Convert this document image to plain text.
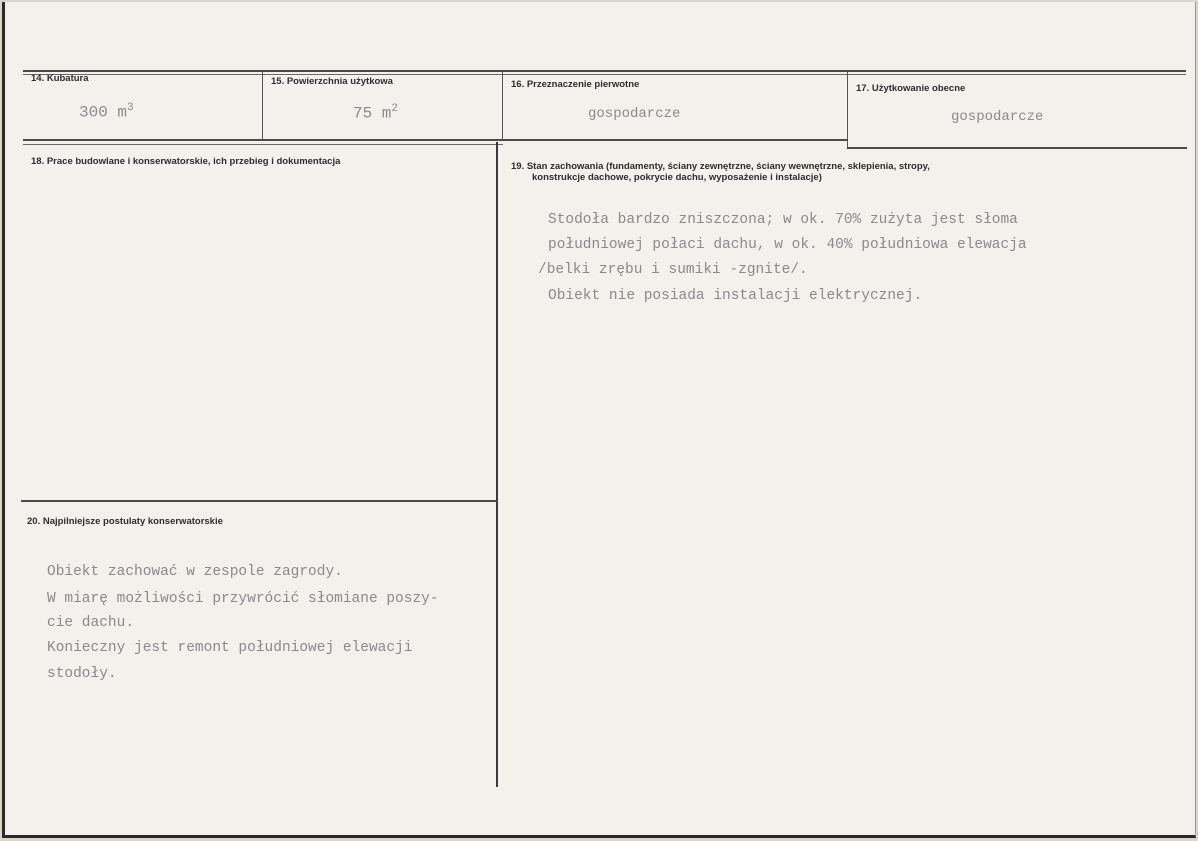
14. Kubatura
300 $m^3$
15. Powierzchnia użytkowa
75 $m^2$
16. Przeznaczenie pierwotne
gospodarcze
17. Użytkowanie obecne
gospodarcze
18. Prace budowlane i konserwatorskie, ich przebieg i dokumentacja	19. Stan zachowania (fundamenty, ściany zewnętrzne, ściany wewnętrzne, sklepienia, stropy,
konstrukcje dachowe, pokrycie dachu, wyposażenie i instalacje)
Stodoła bardzo zniszczona; w ok. 70% zużyta jest słoma
południowej połaci dachu, w ok. 40% południowa elewacja
/belki zrębu i sumiki -zgnite/.
Obiekt nie posiada instalacji elektrycznej.
20. Najpilniejsze postulaty konserwatorskie
Obiekt zachować w zespole zagrody.
W miarę możliwości przywrócić słomiane poszy-
cie dachu.
Konieczny jest remont południowej elewacji
stodoły.
